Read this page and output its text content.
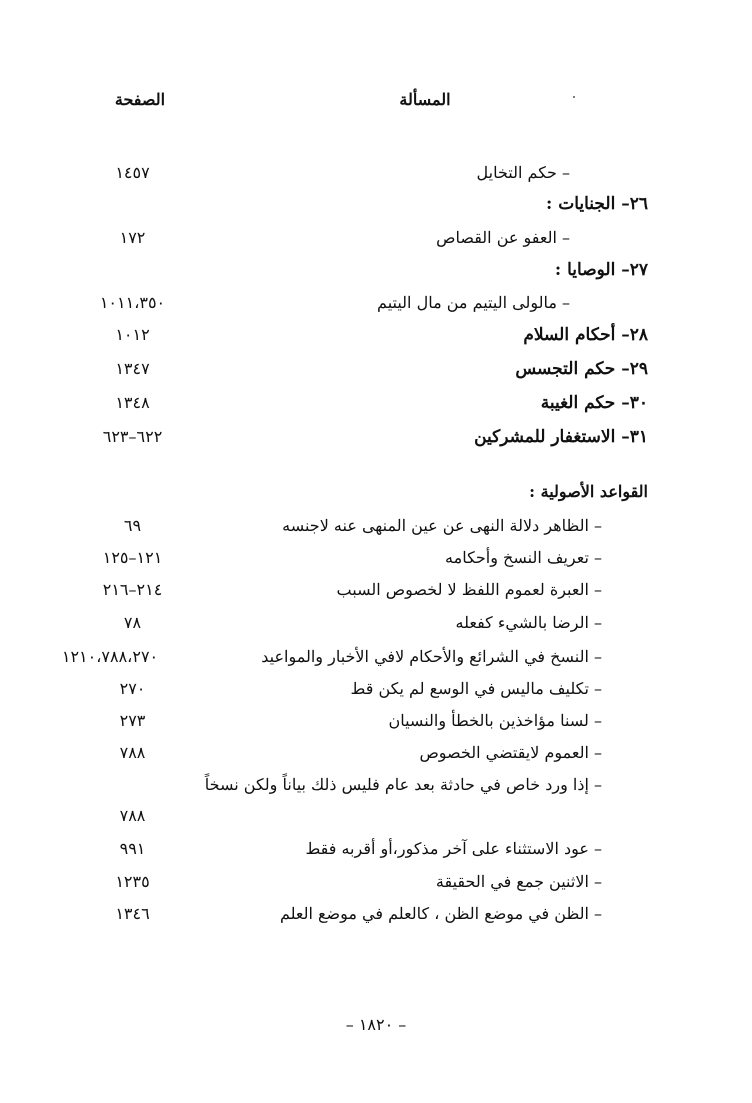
المسألة
الصفحة
– حكم التخايل
١٤٥٧
٢٦– الجنايات :
– العفو عن القصاص
١٧٢
٢٧– الوصايا :
– مالولى اليتيم من مال اليتيم
١٠١١،٣٥٠
٢٨– أحكام السلام
١٠١٢
٢٩– حكم التجسس
١٣٤٧
٣٠– حكم الغيبة
١٣٤٨
٣١– الاستغفار للمشركين
٦٢٢–٦٢٣
القواعد الأصولية :
– الظاهر دلالة النهى عن عين المنهى عنه لاجنسه
٦٩
– تعريف النسخ وأحكامه
١٢١–١٢٥
– العبرة لعموم اللفظ لا لخصوص السبب
٢١٤–٢١٦
– الرضا بالشيء كفعله
٧٨
– النسخ في الشرائع والأحكام لافي الأخبار والمواعيد
١٢١٠،٧٨٨،٢٧٠
– تكليف ماليس في الوسع لم يكن قط
٢٧٠
– لسنا مؤاخذين بالخطأ والنسيان
٢٧٣
– العموم لايقتضي الخصوص
٧٨٨
– إذا ورد خاص في حادثة بعد عام فليس ذلك بياناً ولكن نسخاً
٧٨٨
– عود الاستثناء على آخر مذكور،أو أقربه فقط
٩٩١
– الاثنين جمع في الحقيقة
١٢٣٥
– الظن في موضع الظن ، كالعلم في موضع العلم
١٣٤٦
– ١٨٢٠ –
